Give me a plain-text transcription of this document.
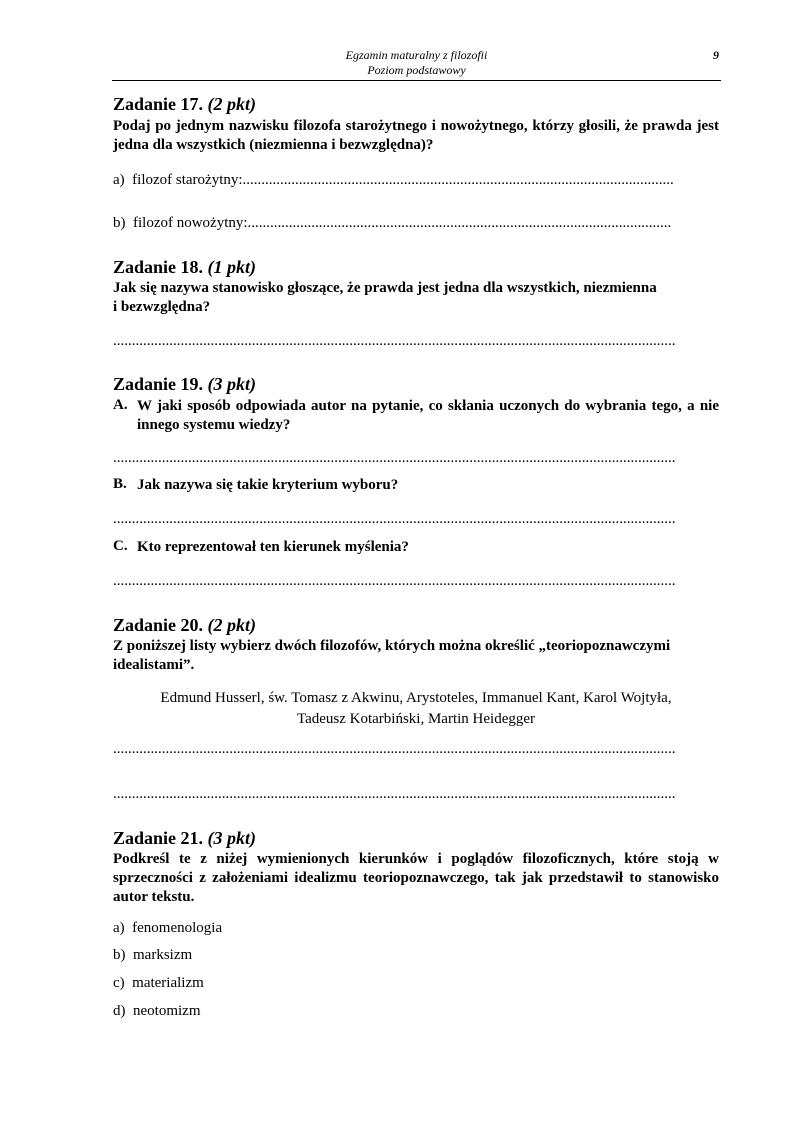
Egzamin maturalny z filozofii
Poziom podstawowy
9
Zadanie 17. (2 pkt)
Podaj po jednym nazwisku filozofa starożytnego i nowożytnego, którzy głosili, że prawda jest jedna dla wszystkich (niezmienna i bezwzględna)?
a)  filozof starożytny:...................................................................................................................
b)  filozof nowożytny:.................................................................................................................
Zadanie 18. (1 pkt)
Jak się nazywa stanowisko głoszące, że prawda jest jedna dla wszystkich, niezmienna
i bezwzględna?
......................................................................................................................................................
Zadanie 19. (3 pkt)
A. W jaki sposób odpowiada autor na pytanie, co skłania uczonych do wybrania tego, a nie innego systemu wiedzy?
......................................................................................................................................................
B. Jak nazywa się takie kryterium wyboru?
......................................................................................................................................................
C. Kto reprezentował ten kierunek myślenia?
......................................................................................................................................................
Zadanie 20. (2 pkt)
Z poniższej listy wybierz dwóch filozofów, których można określić „teoriopoznawczymi idealistami”.
Edmund Husserl, św. Tomasz z Akwinu, Arystoteles, Immanuel Kant, Karol Wojtyła,
Tadeusz Kotarbiński, Martin Heidegger
......................................................................................................................................................
......................................................................................................................................................
Zadanie 21. (3 pkt)
Podkreśl te z niżej wymienionych kierunków i poglądów filozoficznych, które stoją w sprzeczności z założeniami idealizmu teoriopoznawczego, tak jak przedstawił to stanowisko autor tekstu.
a)  fenomenologia
b)  marksizm
c)  materializm
d)  neotomizm
